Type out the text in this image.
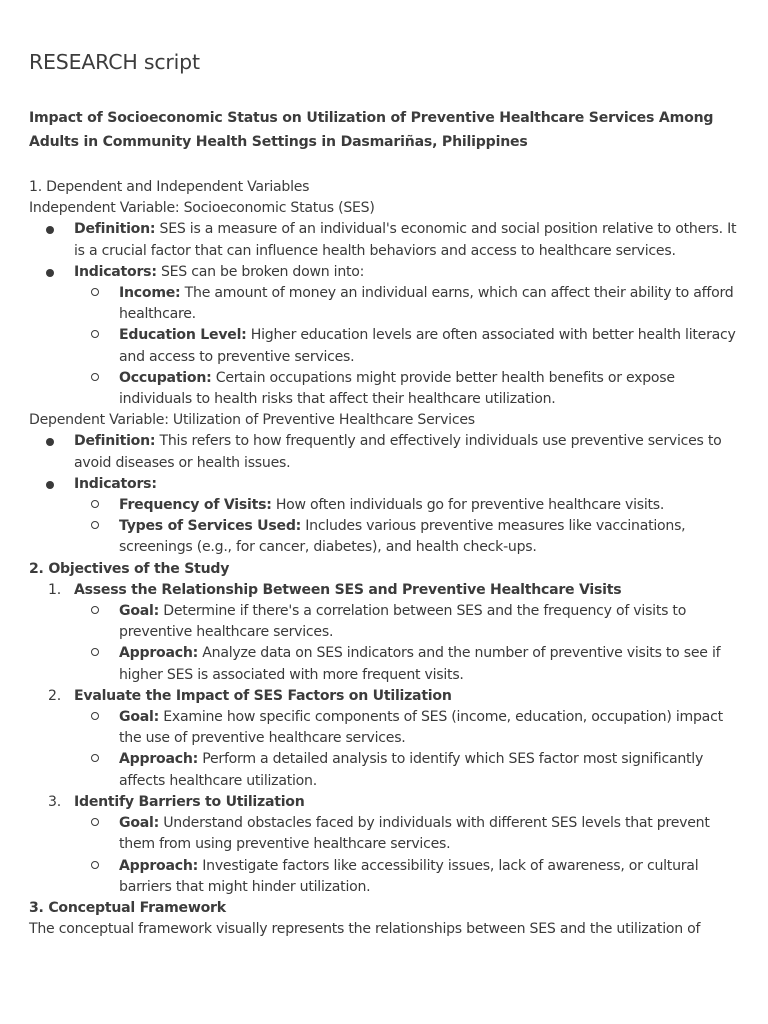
RESEARCH script

Impact of Socioeconomic Status on Utilization of Preventive Healthcare Services Among Adults in Community Health Settings in Dasmariñas, Philippines

1. Dependent and Independent Variables

Independent Variable: Socioeconomic Status (SES)

Definition: SES is a measure of an individual's economic and social position relative to others. It is a crucial factor that can influence health behaviors and access to healthcare services.
Indicators: SES can be broken down into:
Income: The amount of money an individual earns, which can affect their ability to afford healthcare.
Education Level: Higher education levels are often associated with better health literacy and access to preventive services.
Occupation: Certain occupations might provide better health benefits or expose individuals to health risks that affect their healthcare utilization.

Dependent Variable: Utilization of Preventive Healthcare Services

Definition: This refers to how frequently and effectively individuals use preventive services to avoid diseases or health issues.
Indicators:
Frequency of Visits: How often individuals go for preventive healthcare visits.
Types of Services Used: Includes various preventive measures like vaccinations, screenings (e.g., for cancer, diabetes), and health check-ups.

2. Objectives of the Study

1. Assess the Relationship Between SES and Preventive Healthcare Visits
Goal: Determine if there's a correlation between SES and the frequency of visits to preventive healthcare services.
Approach: Analyze data on SES indicators and the number of preventive visits to see if higher SES is associated with more frequent visits.
2. Evaluate the Impact of SES Factors on Utilization
Goal: Examine how specific components of SES (income, education, occupation) impact the use of preventive healthcare services.
Approach: Perform a detailed analysis to identify which SES factor most significantly affects healthcare utilization.
3. Identify Barriers to Utilization
Goal: Understand obstacles faced by individuals with different SES levels that prevent them from using preventive healthcare services.
Approach: Investigate factors like accessibility issues, lack of awareness, or cultural barriers that might hinder utilization.

3. Conceptual Framework

The conceptual framework visually represents the relationships between SES and the utilization of
